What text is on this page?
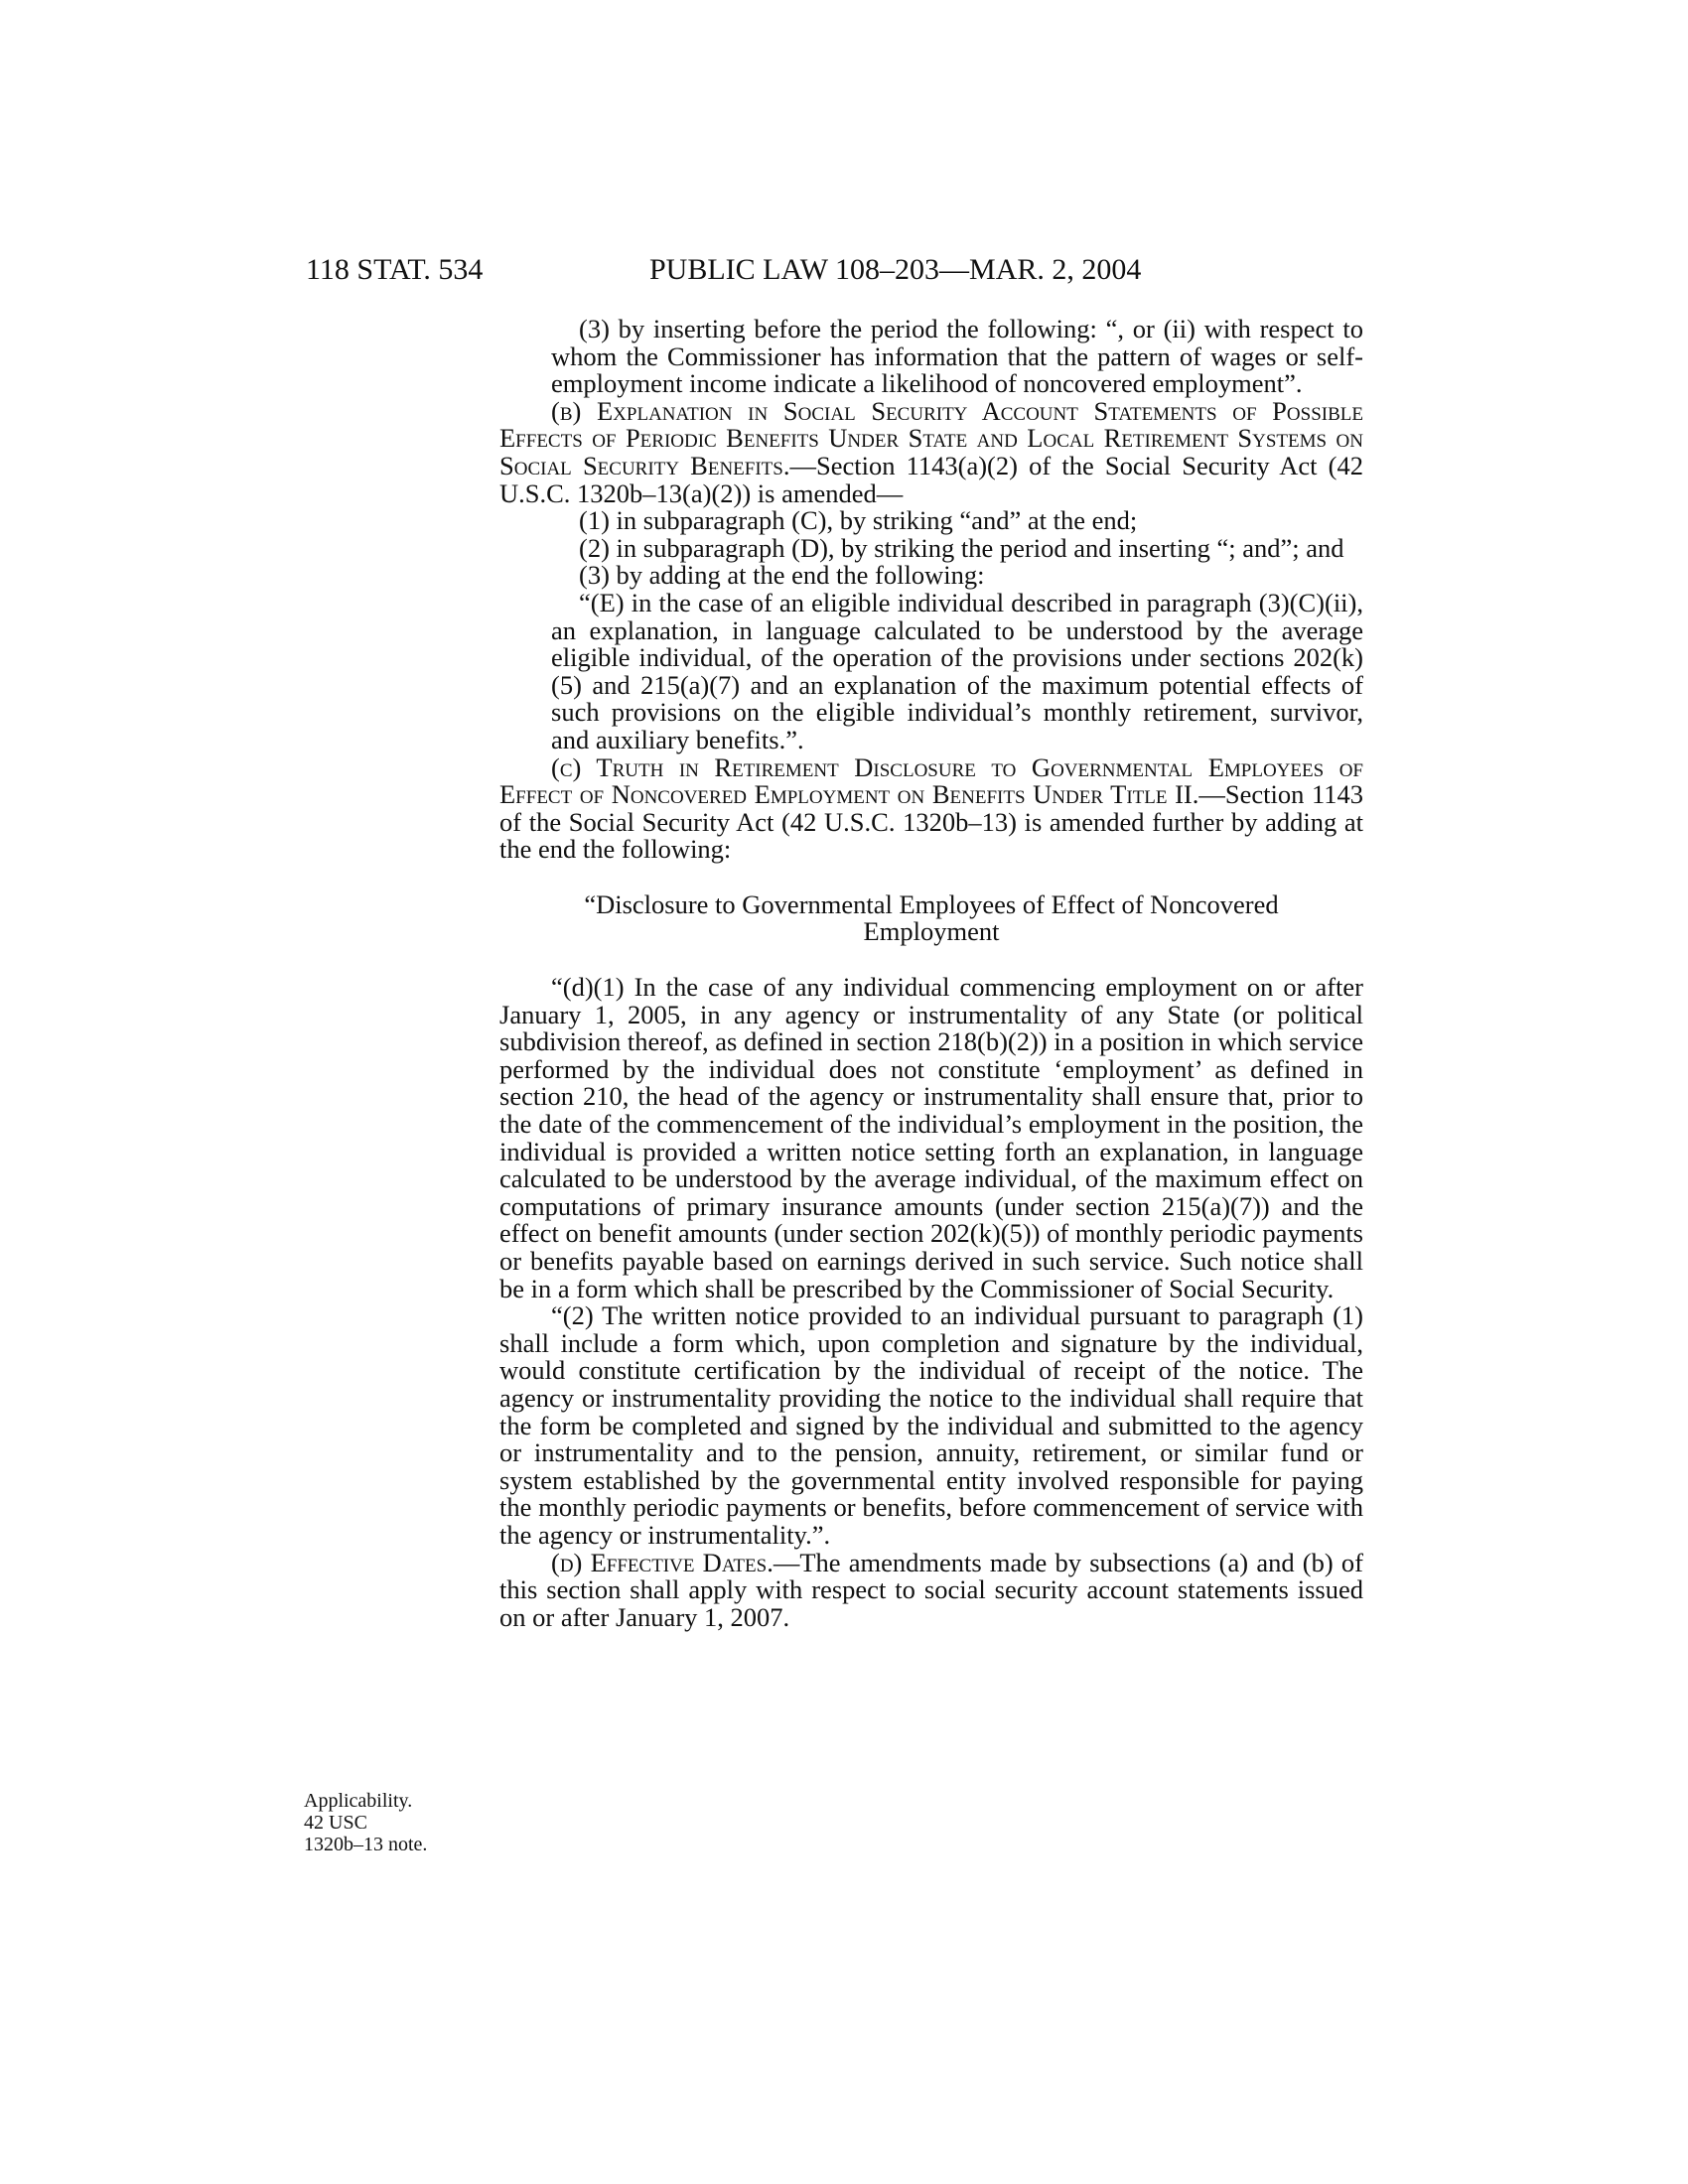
118 STAT. 534	PUBLIC LAW 108–203—MAR. 2, 2004

(3) by inserting before the period the following: “, or (ii) with respect to whom the Commissioner has information that the pattern of wages or self-employment income indicate a likelihood of noncovered employment”.

(b) Explanation in Social Security Account Statements of Possible Effects of Periodic Benefits Under State and Local Retirement Systems on Social Security Benefits.—Section 1143(a)(2) of the Social Security Act (42 U.S.C. 1320b–13(a)(2)) is amended—

(1) in subparagraph (C), by striking “and” at the end;

(2) in subparagraph (D), by striking the period and inserting “; and”; and

(3) by adding at the end the following:

“(E) in the case of an eligible individual described in paragraph (3)(C)(ii), an explanation, in language calculated to be understood by the average eligible individual, of the operation of the provisions under sections 202(k)(5) and 215(a)(7) and an explanation of the maximum potential effects of such provisions on the eligible individual’s monthly retirement, survivor, and auxiliary benefits.”.

(c) Truth in Retirement Disclosure to Governmental Employees of Effect of Noncovered Employment on Benefits Under Title II.—Section 1143 of the Social Security Act (42 U.S.C. 1320b–13) is amended further by adding at the end the following:

“Disclosure to Governmental Employees of Effect of Noncovered Employment

“(d)(1) In the case of any individual commencing employment on or after January 1, 2005, in any agency or instrumentality of any State (or political subdivision thereof, as defined in section 218(b)(2)) in a position in which service performed by the individual does not constitute ‘employment’ as defined in section 210, the head of the agency or instrumentality shall ensure that, prior to the date of the commencement of the individual’s employment in the position, the individual is provided a written notice setting forth an explanation, in language calculated to be understood by the average individual, of the maximum effect on computations of primary insurance amounts (under section 215(a)(7)) and the effect on benefit amounts (under section 202(k)(5)) of monthly periodic payments or benefits payable based on earnings derived in such service. Such notice shall be in a form which shall be prescribed by the Commissioner of Social Security.

“(2) The written notice provided to an individual pursuant to paragraph (1) shall include a form which, upon completion and signature by the individual, would constitute certification by the individual of receipt of the notice. The agency or instrumentality providing the notice to the individual shall require that the form be completed and signed by the individual and submitted to the agency or instrumentality and to the pension, annuity, retirement, or similar fund or system established by the governmental entity involved responsible for paying the monthly periodic payments or benefits, before commencement of service with the agency or instrumentality.”.

(d) Effective Dates.—The amendments made by subsections (a) and (b) of this section shall apply with respect to social security account statements issued on or after January 1, 2007.

Applicability.
42 USC
1320b–13 note.
